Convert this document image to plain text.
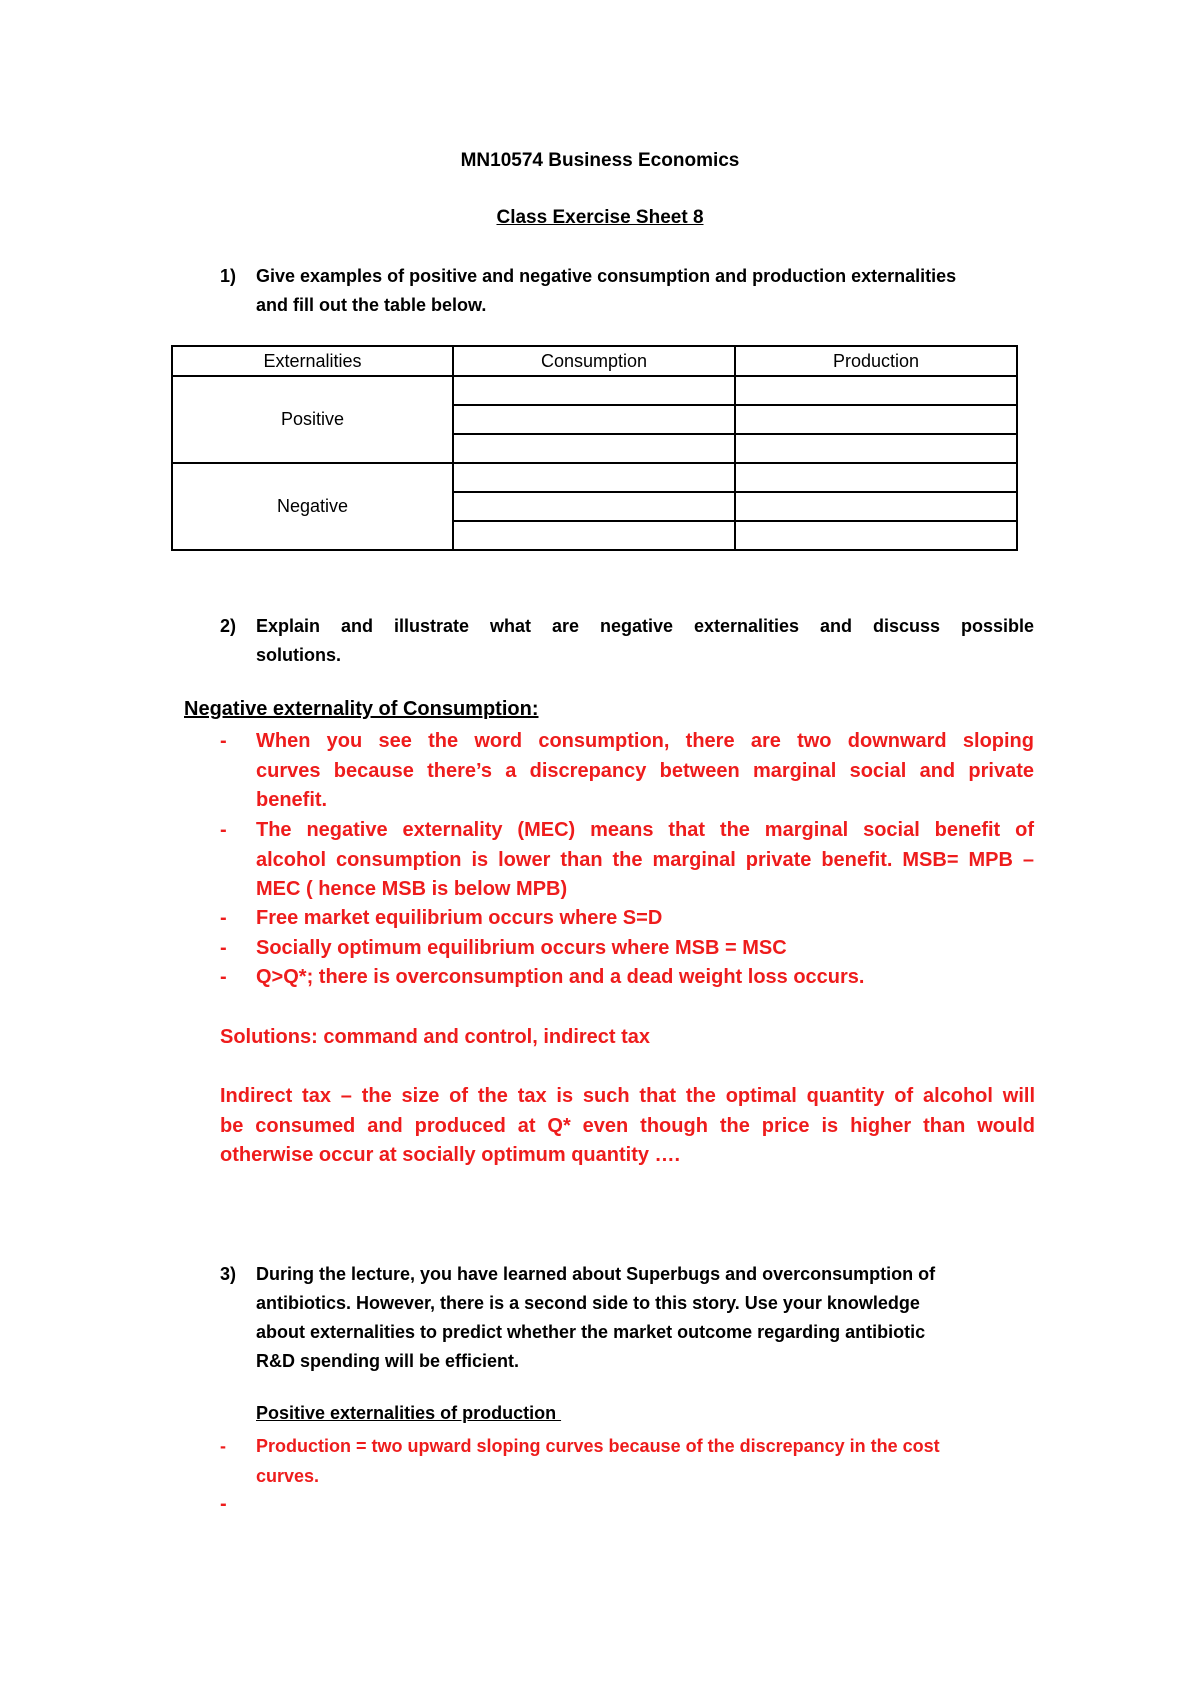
MN10574 Business Economics
Class Exercise Sheet 8
1) Give examples of positive and negative consumption and production externalities
and fill out the table below.
Externalities	Consumption	Production
Positive		

Negative		

2) Explain and illustrate what are negative externalities and discuss possible
solutions.
Negative externality of Consumption:
- When you see the word consumption, there are two downward sloping
curves because there’s a discrepancy between marginal social and private
benefit.
- The negative externality (MEC) means that the marginal social benefit of
alcohol consumption is lower than the marginal private benefit. MSB= MPB –
MEC ( hence MSB is below MPB)
- Free market equilibrium occurs where S=D
- Socially optimum equilibrium occurs where MSB = MSC
- Q>Q*; there is overconsumption and a dead weight loss occurs.
Solutions: command and control, indirect tax
Indirect tax – the size of the tax is such that the optimal quantity of alcohol will
be consumed and produced at Q* even though the price is higher than would
otherwise occur at socially optimum quantity ….
3) During the lecture, you have learned about Superbugs and overconsumption of
antibiotics. However, there is a second side to this story. Use your knowledge
about externalities to predict whether the market outcome regarding antibiotic
R&D spending will be efficient.
Positive externalities of production
- Production = two upward sloping curves because of the discrepancy in the cost
curves.
-
